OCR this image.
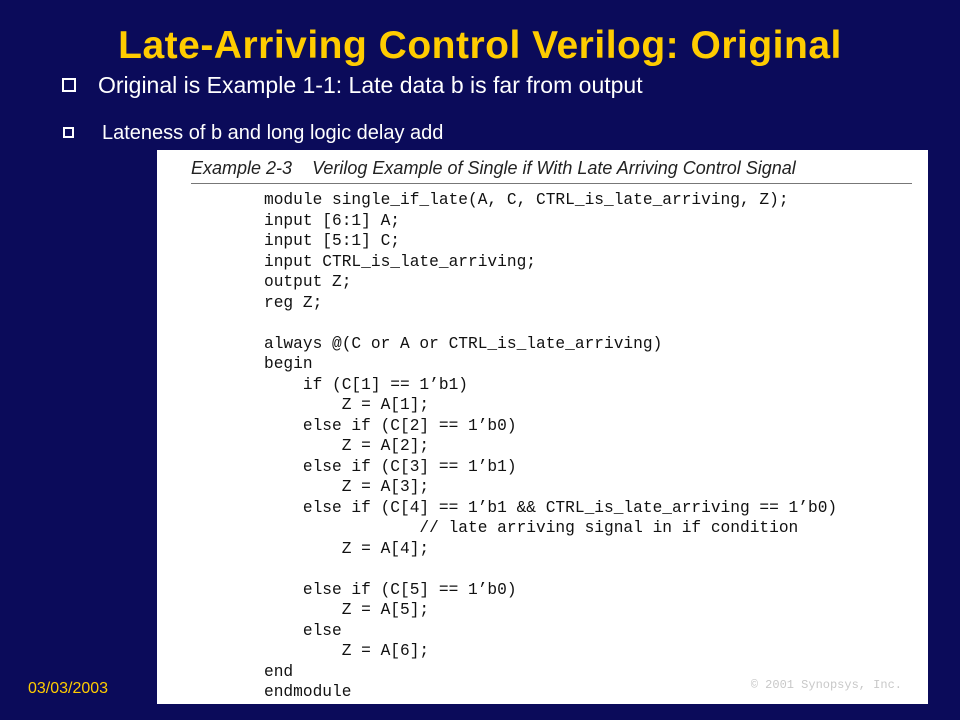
Late-Arriving Control Verilog: Original
Original is Example 1-1: Late data b is far from output
Lateness of b and long logic delay add
Example 2-3 Verilog Example of Single if With Late Arriving Control Signal
module single_if_late(A, C, CTRL_is_late_arriving, Z);
input [6:1] A;
input [5:1] C;
input CTRL_is_late_arriving;
output Z;
reg Z;

always @(C or A or CTRL_is_late_arriving)
begin
if (C[1] == 1’b1)
Z = A[1];
else if (C[2] == 1’b0)
Z = A[2];
else if (C[3] == 1’b1)
Z = A[3];
else if (C[4] == 1’b1 && CTRL_is_late_arriving == 1’b0)
// late arriving signal in if condition
Z = A[4];

else if (C[5] == 1’b0)
Z = A[5];
else
Z = A[6];
end
endmodule	© 2001 Synopsys, Inc.
03/03/2003
